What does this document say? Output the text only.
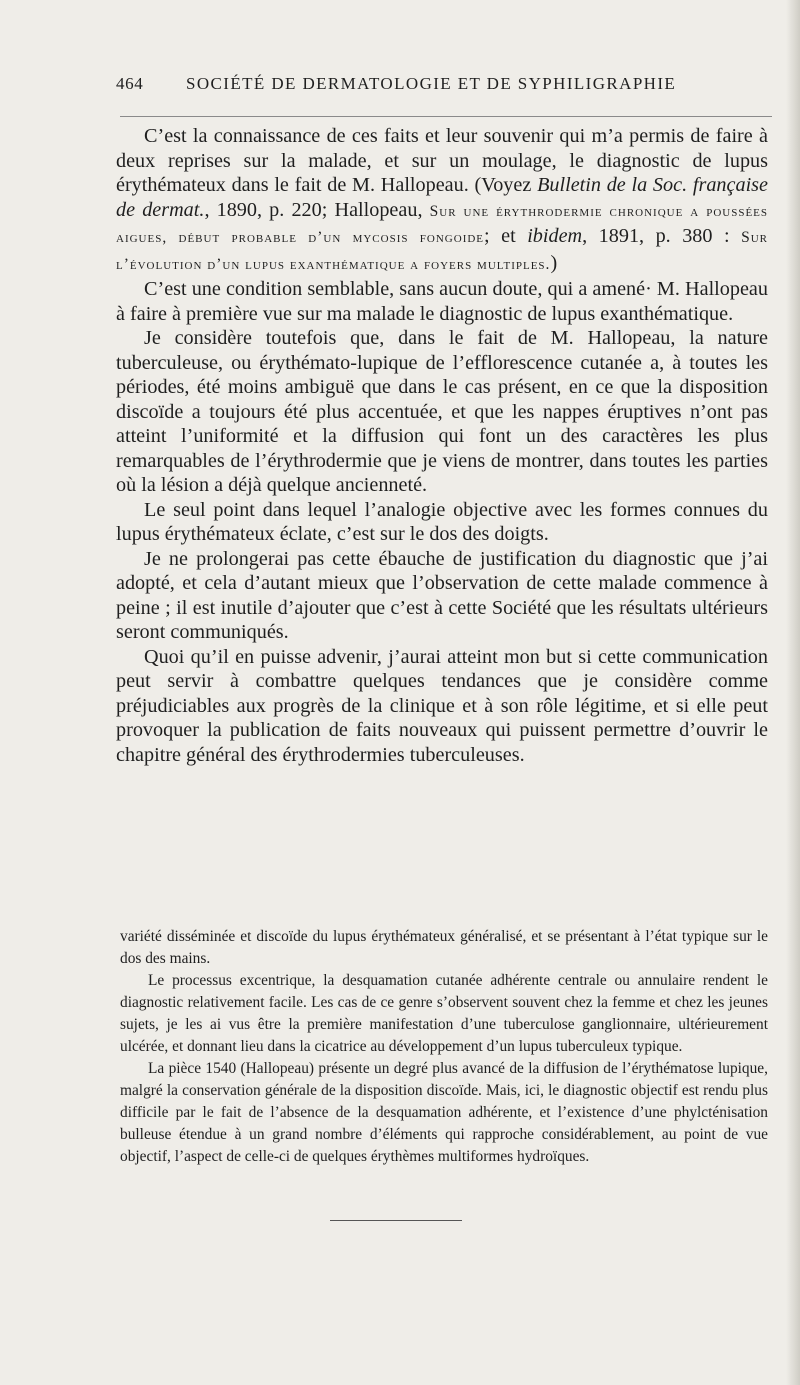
464	SOCIÉTÉ DE DERMATOLOGIE ET DE SYPHILIGRAPHIE

C’est la connaissance de ces faits et leur souvenir qui m’a permis de faire à deux reprises sur la malade, et sur un moulage, le diagnostic de lupus érythémateux dans le fait de M. Hallopeau. (Voyez Bulletin de la Soc. française de dermat., 1890, p. 220; Hallopeau, Sur une érythrodermie chronique a poussées aigues, début probable d’un mycosis fongoide; et ibidem, 1891, p. 380 : Sur l’évolution d’un lupus exanthématique a foyers multiples.)

C’est une condition semblable, sans aucun doute, qui a amené· M. Hallopeau à faire à première vue sur ma malade le diagnostic de lupus exanthématique.

Je considère toutefois que, dans le fait de M. Hallopeau, la nature tuberculeuse, ou érythémato-lupique de l’efflorescence cutanée a, à toutes les périodes, été moins ambiguë que dans le cas présent, en ce que la disposition discoïde a toujours été plus accentuée, et que les nappes éruptives n’ont pas atteint l’uniformité et la diffusion qui font un des caractères les plus remarquables de l’érythrodermie que je viens de montrer, dans toutes les parties où la lésion a déjà quelque ancienneté.

Le seul point dans lequel l’analogie objective avec les formes connues du lupus érythémateux éclate, c’est sur le dos des doigts.

Je ne prolongerai pas cette ébauche de justification du diagnostic que j’ai adopté, et cela d’autant mieux que l’observation de cette malade commence à peine ; il est inutile d’ajouter que c’est à cette Société que les résultats ultérieurs seront communiqués.

Quoi qu’il en puisse advenir, j’aurai atteint mon but si cette communication peut servir à combattre quelques tendances que je considère comme préjudiciables aux progrès de la clinique et à son rôle légitime, et si elle peut provoquer la publication de faits nouveaux qui puissent permettre d’ouvrir le chapitre général des érythrodermies tuberculeuses.

variété disséminée et discoïde du lupus érythémateux généralisé, et se présentant à l’état typique sur le dos des mains.

Le processus excentrique, la desquamation cutanée adhérente centrale ou annulaire rendent le diagnostic relativement facile. Les cas de ce genre s’observent souvent chez la femme et chez les jeunes sujets, je les ai vus être la première manifestation d’une tuberculose ganglionnaire, ultérieurement ulcérée, et donnant lieu dans la cicatrice au développement d’un lupus tuberculeux typique.

La pièce 1540 (Hallopeau) présente un degré plus avancé de la diffusion de l’érythématose lupique, malgré la conservation générale de la disposition discoïde. Mais, ici, le diagnostic objectif est rendu plus difficile par le fait de l’absence de la desquamation adhérente, et l’existence d’une phylcténisation bulleuse étendue à un grand nombre d’éléments qui rapproche considérablement, au point de vue objectif, l’aspect de celle-ci de quelques érythèmes multiformes hydroïques.
